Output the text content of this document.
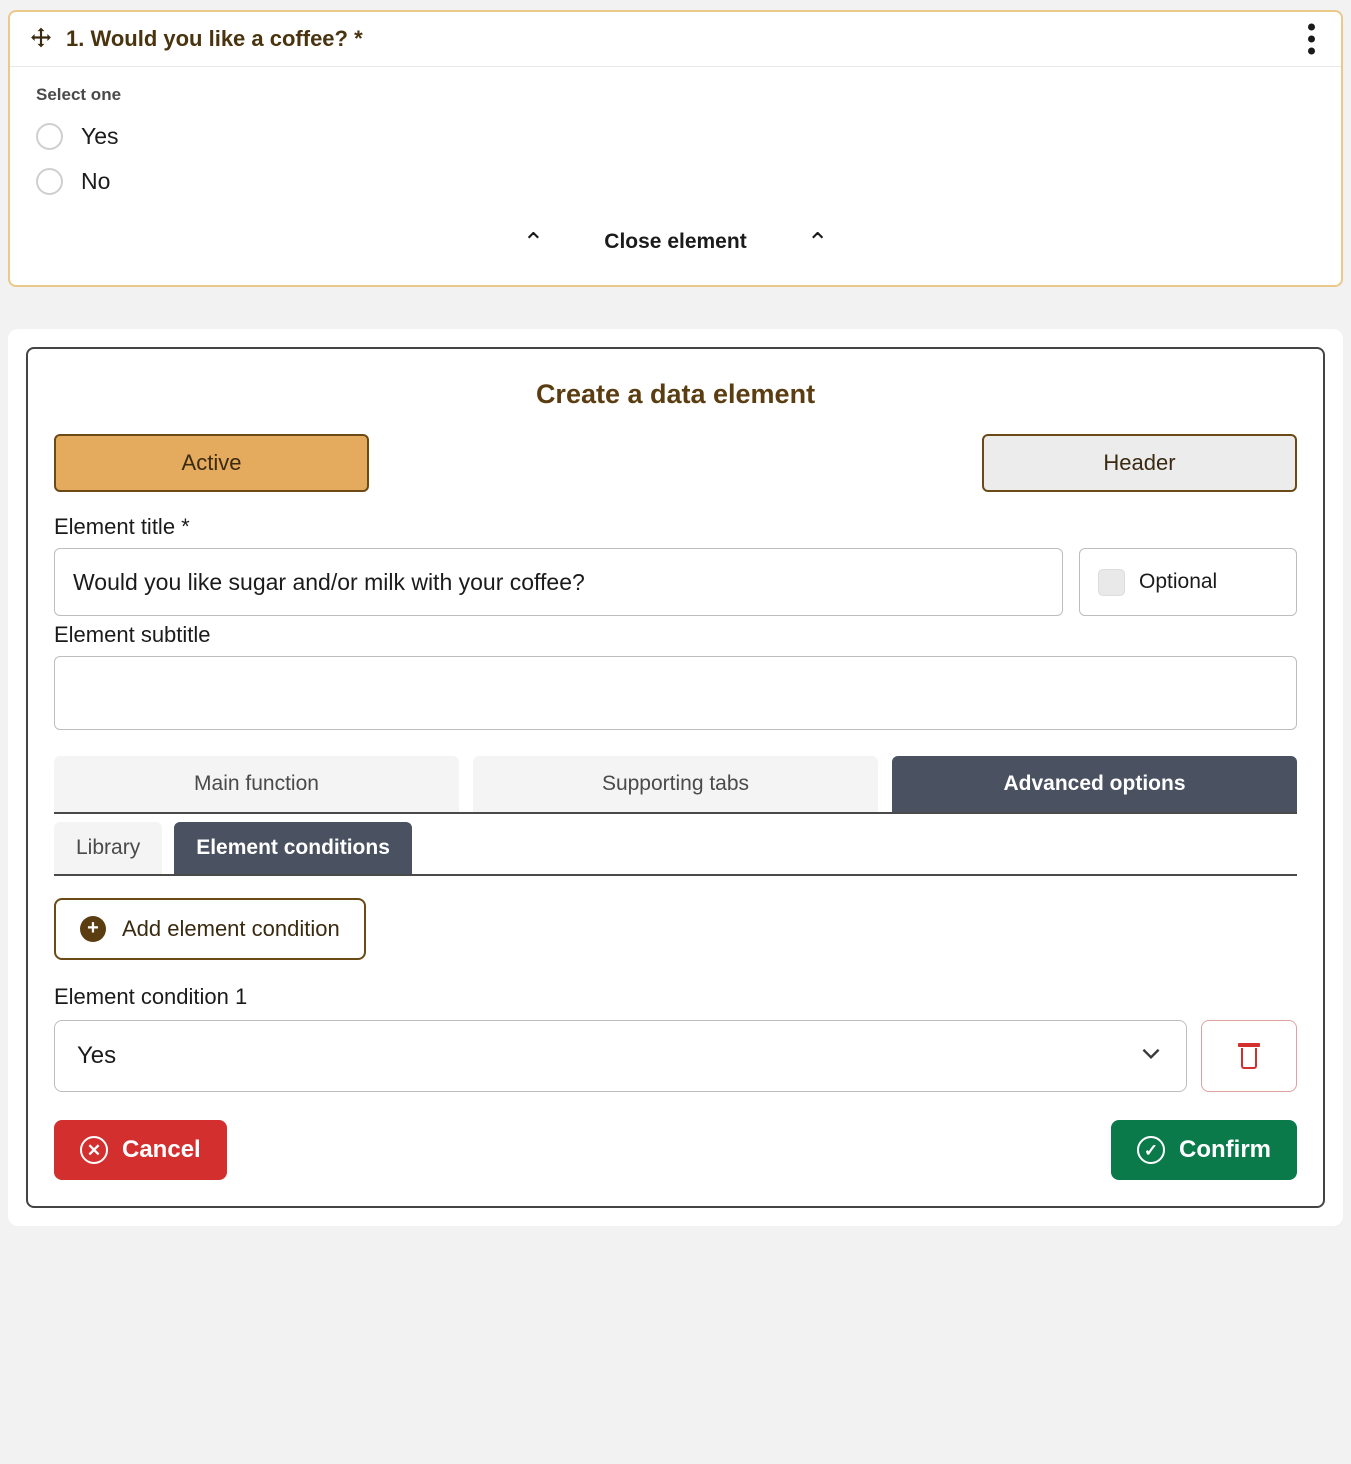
1. Would you like a coffee? *
Select one
Yes
No
⌃	Close element ⌃
Create a data element
Active	Header
Element title *
Would you like sugar and/or milk with your coffee?
Optional
Element subtitle
Main function	Supporting tabs	Advanced options
Library	Element conditions
+	Add element condition
Element condition 1
Yes
✕ Cancel	✓ Confirm
